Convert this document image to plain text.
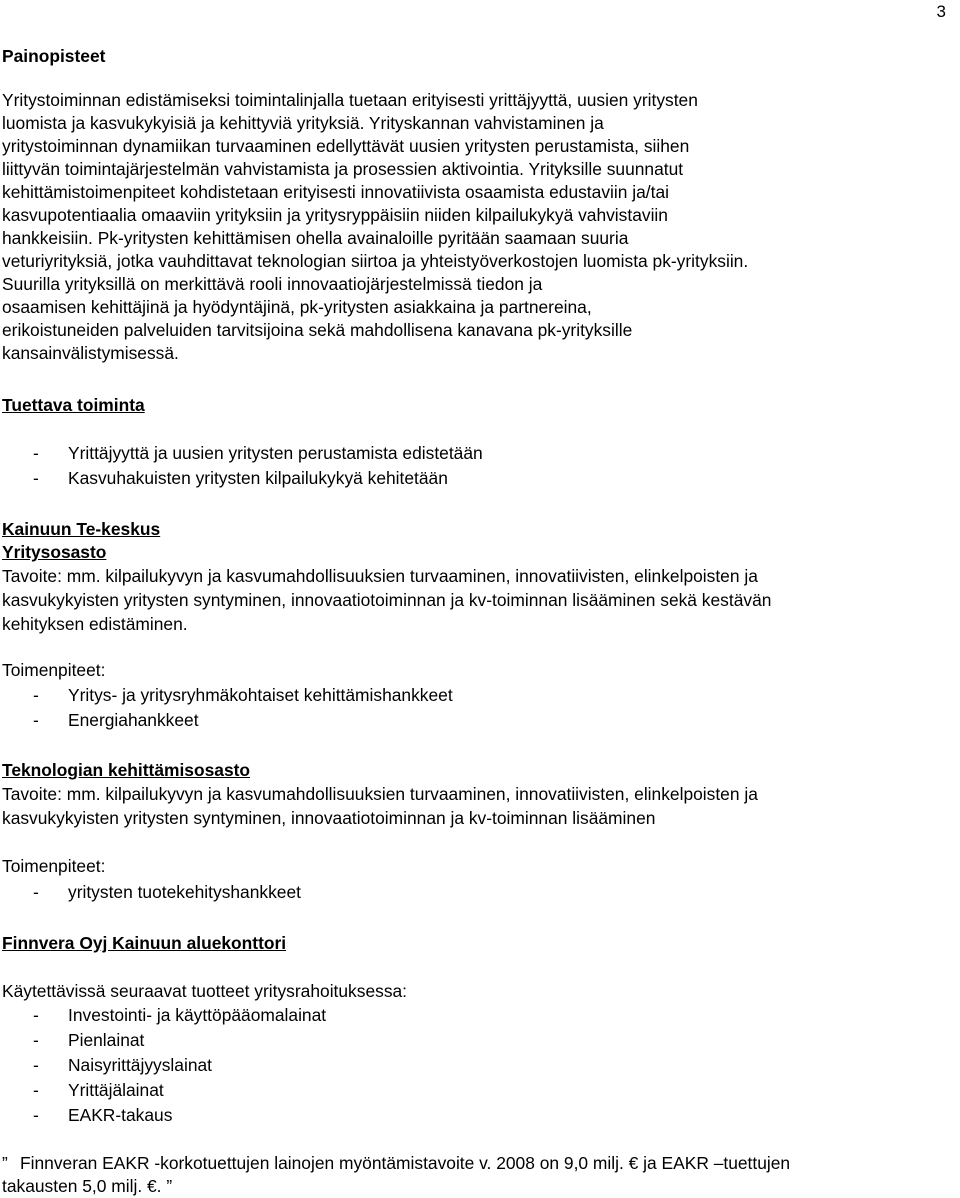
3

Painopisteet

Yritystoiminnan edistämiseksi toimintalinjalla tuetaan erityisesti yrittäjyyttä, uusien yritysten

luomista ja kasvukykyisiä ja kehittyviä yrityksiä. Yrityskannan vahvistaminen ja

yritystoiminnan dynamiikan turvaaminen edellyttävät uusien yritysten perustamista, siihen

liittyvän toimintajärjestelmän vahvistamista ja prosessien aktivointia. Yrityksille suunnatut

kehittämistoimenpiteet kohdistetaan erityisesti innovatiivista osaamista edustaviin ja/tai

kasvupotentiaalia omaaviin yrityksiin ja yritysryppäisiin niiden kilpailukykyä vahvistaviin

hankkeisiin. Pk-yritysten kehittämisen ohella avainaloille pyritään saamaan suuria

veturiyrityksiä, jotka vauhdittavat teknologian siirtoa ja yhteistyöverkostojen luomista pk-yrityksiin.

Suurilla yrityksillä on merkittävä rooli innovaatiojärjestelmissä tiedon ja

osaamisen kehittäjinä ja hyödyntäjinä, pk-yritysten asiakkaina ja partnereina,

erikoistuneiden palveluiden tarvitsijoina sekä mahdollisena kanavana pk-yrityksille

kansainvälistymisessä.

Tuettava toiminta

- Yrittäjyyttä ja uusien yritysten perustamista edistetään
- Kasvuhakuisten yritysten kilpailukykyä kehitetään

Kainuun Te-keskus

Yritysosasto

Tavoite: mm. kilpailukyvyn ja kasvumahdollisuuksien turvaaminen, innovatiivisten, elinkelpoisten ja

kasvukykyisten yritysten syntyminen, innovaatiotoiminnan ja kv-toiminnan lisääminen sekä kestävän

kehityksen edistäminen.

Toimenpiteet:

- Yritys- ja yritysryhmäkohtaiset kehittämishankkeet
- Energiahankkeet

Teknologian kehittämisosasto

Tavoite: mm. kilpailukyvyn ja kasvumahdollisuuksien turvaaminen, innovatiivisten, elinkelpoisten ja

kasvukykyisten yritysten syntyminen, innovaatiotoiminnan ja kv-toiminnan lisääminen

Toimenpiteet:

- yritysten tuotekehityshankkeet

Finnvera Oyj Kainuun aluekonttori

Käytettävissä seuraavat tuotteet yritysrahoituksessa:

- Investointi- ja käyttöpääomalainat
- Pienlainat
- Naisyrittäjyyslainat
- Yrittäjälainat
- EAKR-takaus

” Finnveran EAKR -korkotuettujen lainojen myöntämistavoite v. 2008 on 9,0 milj. € ja EAKR –tuettujen

takausten 5,0 milj. €. ”
